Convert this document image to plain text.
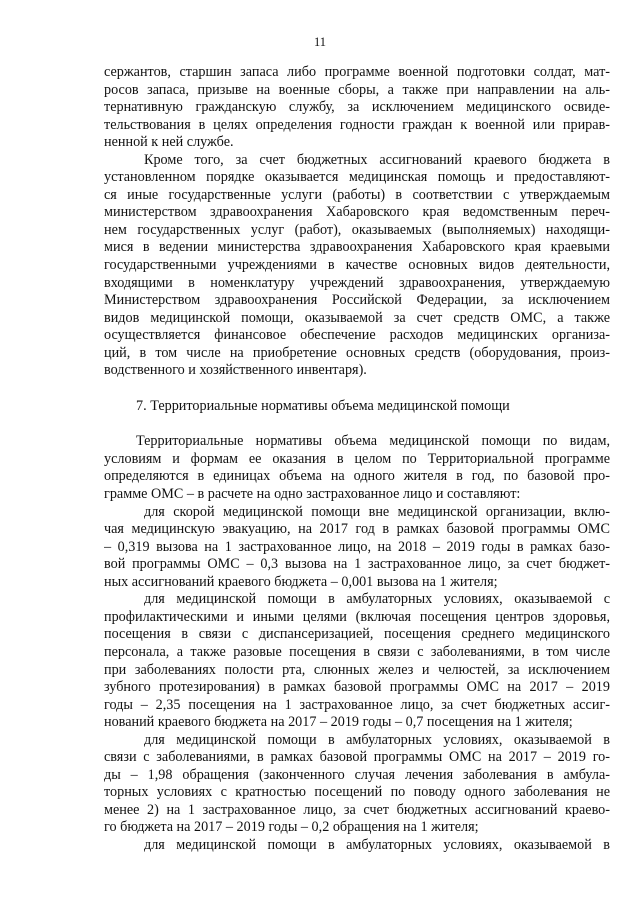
11
сержантов, старшин запаса либо программе военной подготовки солдат, мат-
росов запаса, призыве на военные сборы, а также при направлении на аль-
тернативную гражданскую службу, за исключением медицинского освиде-
тельствования в целях определения годности граждан к военной или прирав-
ненной к ней службе.
Кроме того, за счет бюджетных ассигнований краевого бюджета в
установленном порядке оказывается медицинская помощь и предоставляют-
ся иные государственные услуги (работы) в соответствии с утверждаемым
министерством здравоохранения Хабаровского края ведомственным переч-
нем государственных услуг (работ), оказываемых (выполняемых) находящи-
мися в ведении министерства здравоохранения Хабаровского края краевыми
государственными учреждениями в качестве основных видов деятельности,
входящими в номенклатуру учреждений здравоохранения, утверждаемую
Министерством здравоохранения Российской Федерации, за исключением
видов медицинской помощи, оказываемой за счет средств ОМС, а также
осуществляется финансовое обеспечение расходов медицинских организа-
ций, в том числе на приобретение основных средств (оборудования, произ-
водственного и хозяйственного инвентаря).
7. Территориальные нормативы объема медицинской помощи
Территориальные нормативы объема медицинской помощи по видам,
условиям и формам ее оказания в целом по Территориальной программе
определяются в единицах объема на одного жителя в год, по базовой про-
грамме ОМС – в расчете на одно застрахованное лицо и составляют:
для скорой медицинской помощи вне медицинской организации, вклю-
чая медицинскую эвакуацию, на 2017 год в рамках базовой программы ОМС
– 0,319 вызова на 1 застрахованное лицо, на 2018 – 2019 годы в рамках базо-
вой программы ОМС – 0,3 вызова на 1 застрахованное лицо, за счет бюджет-
ных ассигнований краевого бюджета – 0,001 вызова на 1 жителя;
для медицинской помощи в амбулаторных условиях, оказываемой с
профилактическими и иными целями (включая посещения центров здоровья,
посещения в связи с диспансеризацией, посещения среднего медицинского
персонала, а также разовые посещения в связи с заболеваниями, в том числе
при заболеваниях полости рта, слюнных желез и челюстей, за исключением
зубного протезирования) в рамках базовой программы ОМС на 2017 – 2019
годы – 2,35 посещения на 1 застрахованное лицо, за счет бюджетных ассиг-
нований краевого бюджета на 2017 – 2019 годы – 0,7 посещения на 1 жителя;
для медицинской помощи в амбулаторных условиях, оказываемой в
связи с заболеваниями, в рамках базовой программы ОМС на 2017 – 2019 го-
ды – 1,98 обращения (законченного случая лечения заболевания в амбула-
торных условиях с кратностью посещений по поводу одного заболевания не
менее 2) на 1 застрахованное лицо, за счет бюджетных ассигнований краево-
го бюджета на 2017 – 2019 годы – 0,2 обращения на 1 жителя;
для медицинской помощи в амбулаторных условиях, оказываемой в
